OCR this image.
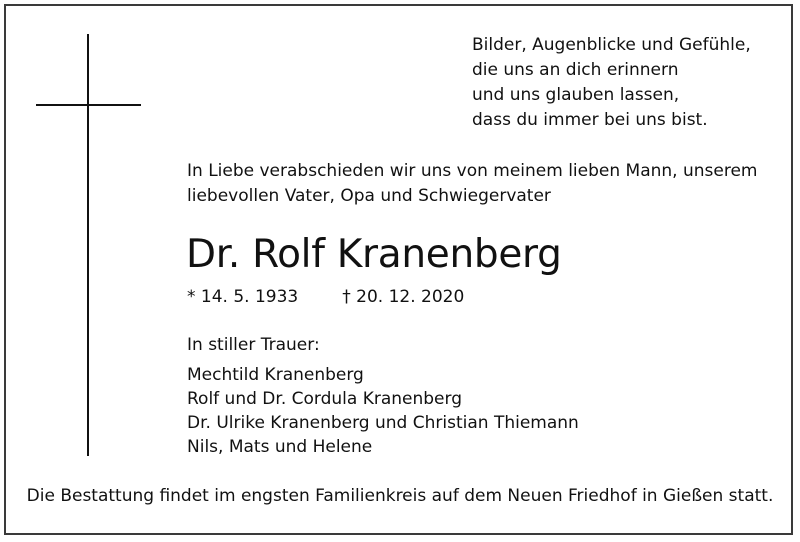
Bilder, Augenblicke und Gefühle,
die uns an dich erinnern
und uns glauben lassen,
dass du immer bei uns bist.

In Liebe verabschieden wir uns von meinem lieben Mann, unserem
liebevollen Vater, Opa und Schwiegervater

Dr. Rolf Kranenberg
* 14. 5. 1933	† 20. 12. 2020

In stiller Trauer:

Mechtild Kranenberg
Rolf und Dr. Cordula Kranenberg
Dr. Ulrike Kranenberg und Christian Thiemann
Nils, Mats und Helene

Die Bestattung findet im engsten Familienkreis auf dem Neuen Friedhof in Gießen statt.
